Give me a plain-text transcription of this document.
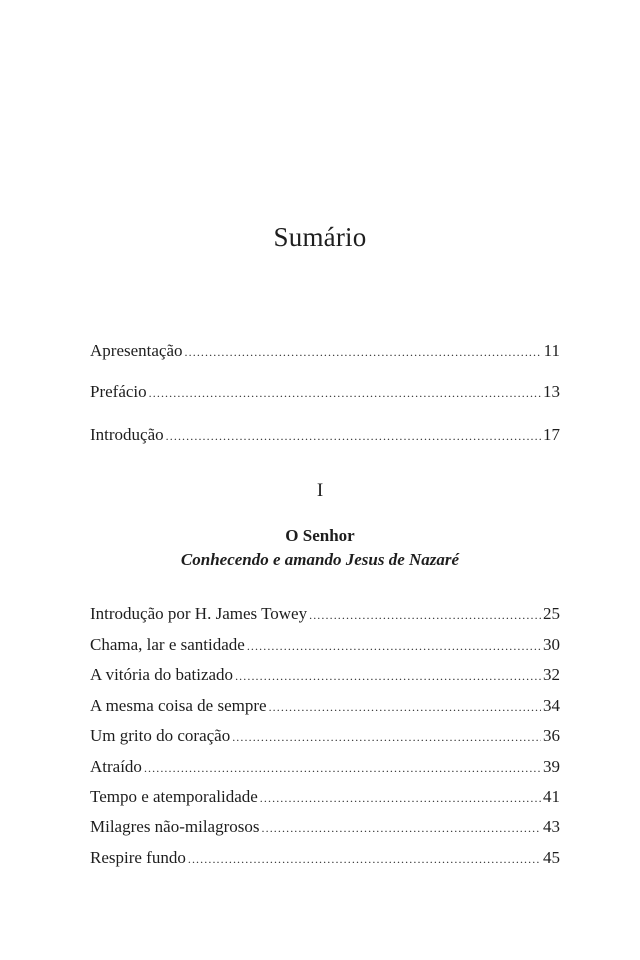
Sumário
Apresentação .....	11
Prefácio .....	13
Introdução .....	17
I
O Senhor
Conhecendo e amando Jesus de Nazaré
Introdução por H. James Towey .....	25
Chama, lar e santidade .....	30
A vitória do batizado .....	32
A mesma coisa de sempre .....	34
Um grito do coração .....	36
Atraído .....	39
Tempo e atemporalidade .....	41
Milagres não-milagrosos .....	43
Respire fundo .....	45
